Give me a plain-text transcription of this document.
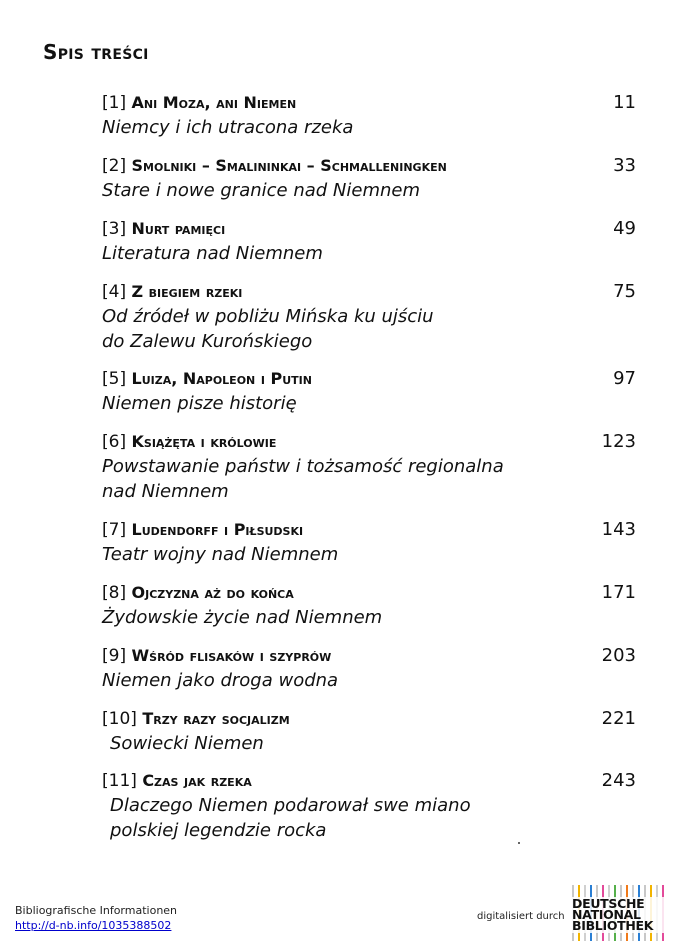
Spis treści
[1] Ani Moza, ani Niemen	11
Niemcy i ich utracona rzeka
[2] Smolniki – Smalininkai – Schmalleningken	33
Stare i nowe granice nad Niemnem
[3] Nurt pamięci	49
Literatura nad Niemnem
[4] Z biegiem rzeki	75
Od źródeł w pobliżu Mińska ku ujściu
do Zalewu Kurońskiego
[5] Luiza, Napoleon i Putin	97
Niemen pisze historię
[6] Książęta i królowie	123
Powstawanie państw i tożsamość regionalna
nad Niemnem
[7] Ludendorff i Piłsudski	143
Teatr wojny nad Niemnem
[8] Ojczyzna aż do końca	171
Żydowskie życie nad Niemnem
[9] Wśród flisaków i szyprów	203
Niemen jako droga wodna
[10] Trzy razy socjalizm	221
Sowiecki Niemen
[11] Czas jak rzeka	243
Dlaczego Niemen podarował swe miano
polskiej legendzie rocka
Bibliografische Informationen
http://d-nb.info/1035388502
digitalisiert durch
DEUTSCHE
NATIONAL
BIBLIOTHEK
